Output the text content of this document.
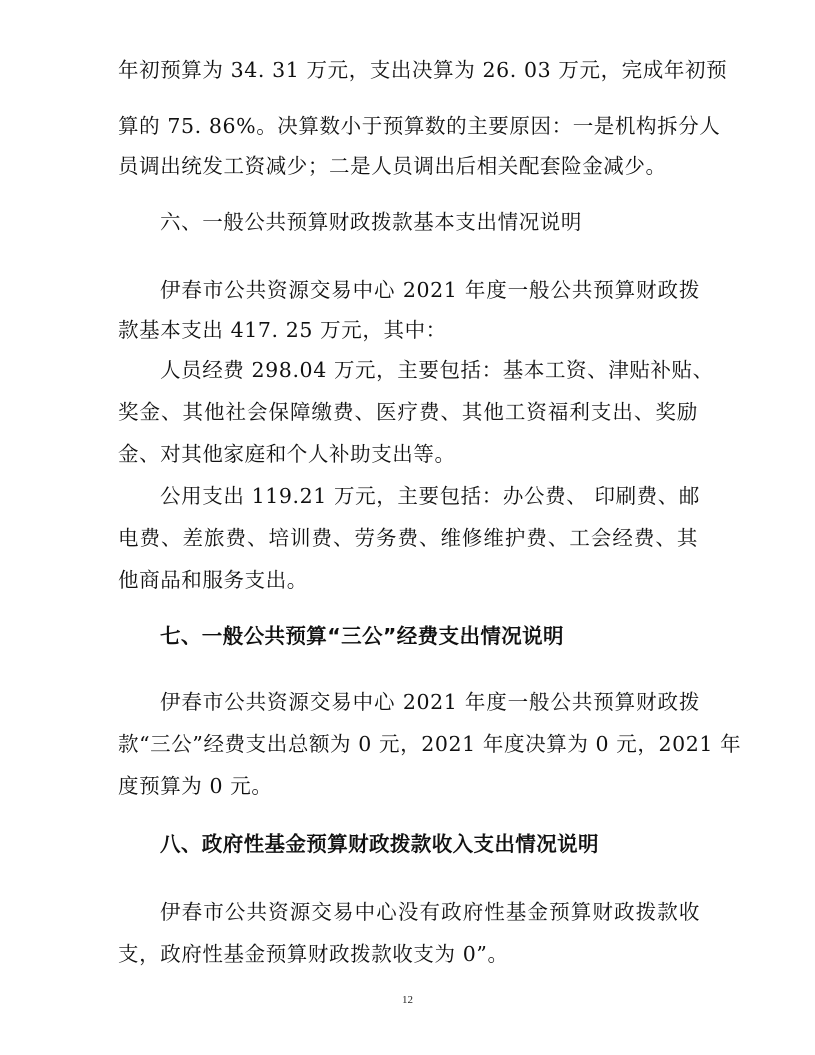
年初预算为 34. 31 万元，支出决算为 26. 03 万元，完成年初预
算的 75. 86%。决算数小于预算数的主要原因：一是机构拆分人
员调出统发工资减少；二是人员调出后相关配套险金减少。
六、一般公共预算财政拨款基本支出情况说明
伊春市公共资源交易中心 2021 年度一般公共预算财政拨
款基本支出 417. 25 万元，其中：
人员经费 298.04 万元，主要包括：基本工资、津贴补贴、
奖金、其他社会保障缴费、医疗费、其他工资福利支出、奖励
金、对其他家庭和个人补助支出等。
公用支出 119.21 万元，主要包括：办公费、 印刷费、邮
电费、差旅费、培训费、劳务费、维修维护费、工会经费、其
他商品和服务支出。
七、一般公共预算“三公”经费支出情况说明
伊春市公共资源交易中心 2021 年度一般公共预算财政拨
款“三公”经费支出总额为 0 元，2021 年度决算为 0 元，2021 年
度预算为 0 元。
八、政府性基金预算财政拨款收入支出情况说明
伊春市公共资源交易中心没有政府性基金预算财政拨款收
支，政府性基金预算财政拨款收支为 0”。
12
